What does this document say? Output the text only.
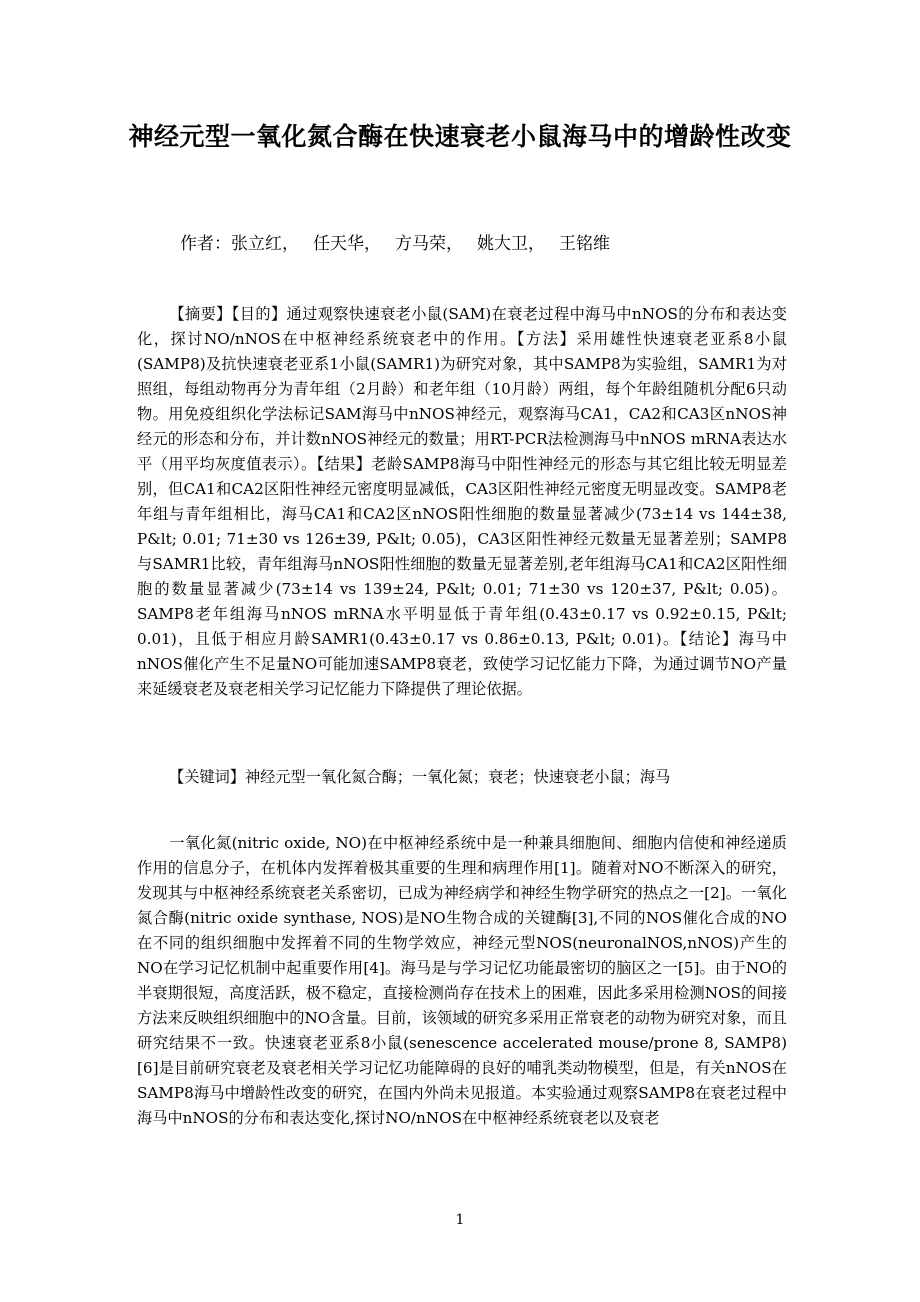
神经元型一氧化氮合酶在快速衰老小鼠海马中的增龄性改变
作者：张立红， 任天华， 方马荣， 姚大卫， 王铭维
【摘要】【目的】通过观察快速衰老小鼠(SAM)在衰老过程中海马中nNOS的分布和表达变化，探讨NO/nNOS在中枢神经系统衰老中的作用。【方法】采用雄性快速衰老亚系8小鼠(SAMP8)及抗快速衰老亚系1小鼠(SAMR1)为研究对象，其中SAMP8为实验组，SAMR1为对照组，每组动物再分为青年组（2月龄）和老年组（10月龄）两组，每个年龄组随机分配6只动物。用免疫组织化学法标记SAM海马中nNOS神经元，观察海马CA1，CA2和CA3区nNOS神经元的形态和分布，并计数nNOS神经元的数量；用RT-PCR法检测海马中nNOS mRNA表达水平（用平均灰度值表示）。【结果】老龄SAMP8海马中阳性神经元的形态与其它组比较无明显差别，但CA1和CA2区阳性神经元密度明显减低，CA3区阳性神经元密度无明显改变。SAMP8老年组与青年组相比，海马CA1和CA2区nNOS阳性细胞的数量显著减少(73±14 vs 144±38, P&lt; 0.01; 71±30 vs 126±39, P&lt; 0.05)，CA3区阳性神经元数量无显著差别；SAMP8与SAMR1比较，青年组海马nNOS阳性细胞的数量无显著差别,老年组海马CA1和CA2区阳性细胞的数量显著减少(73±14 vs 139±24, P&lt; 0.01; 71±30 vs 120±37, P&lt; 0.05)。SAMP8老年组海马nNOS mRNA水平明显低于青年组(0.43±0.17 vs 0.92±0.15, P&lt; 0.01)，且低于相应月龄SAMR1(0.43±0.17 vs 0.86±0.13, P&lt; 0.01)。【结论】海马中nNOS催化产生不足量NO可能加速SAMP8衰老，致使学习记忆能力下降，为通过调节NO产量来延缓衰老及衰老相关学习记忆能力下降提供了理论依据。
【关键词】神经元型一氧化氮合酶；一氧化氮；衰老；快速衰老小鼠；海马
一氧化氮(nitric oxide, NO)在中枢神经系统中是一种兼具细胞间、细胞内信使和神经递质作用的信息分子，在机体内发挥着极其重要的生理和病理作用[1]。随着对NO不断深入的研究，发现其与中枢神经系统衰老关系密切，已成为神经病学和神经生物学研究的热点之一[2]。一氧化氮合酶(nitric oxide synthase, NOS)是NO生物合成的关键酶[3],不同的NOS催化合成的NO在不同的组织细胞中发挥着不同的生物学效应，神经元型NOS(neuronalNOS,nNOS)产生的NO在学习记忆机制中起重要作用[4]。海马是与学习记忆功能最密切的脑区之一[5]。由于NO的半衰期很短，高度活跃，极不稳定，直接检测尚存在技术上的困难，因此多采用检测NOS的间接方法来反映组织细胞中的NO含量。目前，该领域的研究多采用正常衰老的动物为研究对象，而且研究结果不一致。快速衰老亚系8小鼠(senescence accelerated mouse/prone 8, SAMP8) [6]是目前研究衰老及衰老相关学习记忆功能障碍的良好的哺乳类动物模型，但是，有关nNOS在SAMP8海马中增龄性改变的研究，在国内外尚未见报道。本实验通过观察SAMP8在衰老过程中海马中nNOS的分布和表达变化,探讨NO/nNOS在中枢神经系统衰老以及衰老
1
